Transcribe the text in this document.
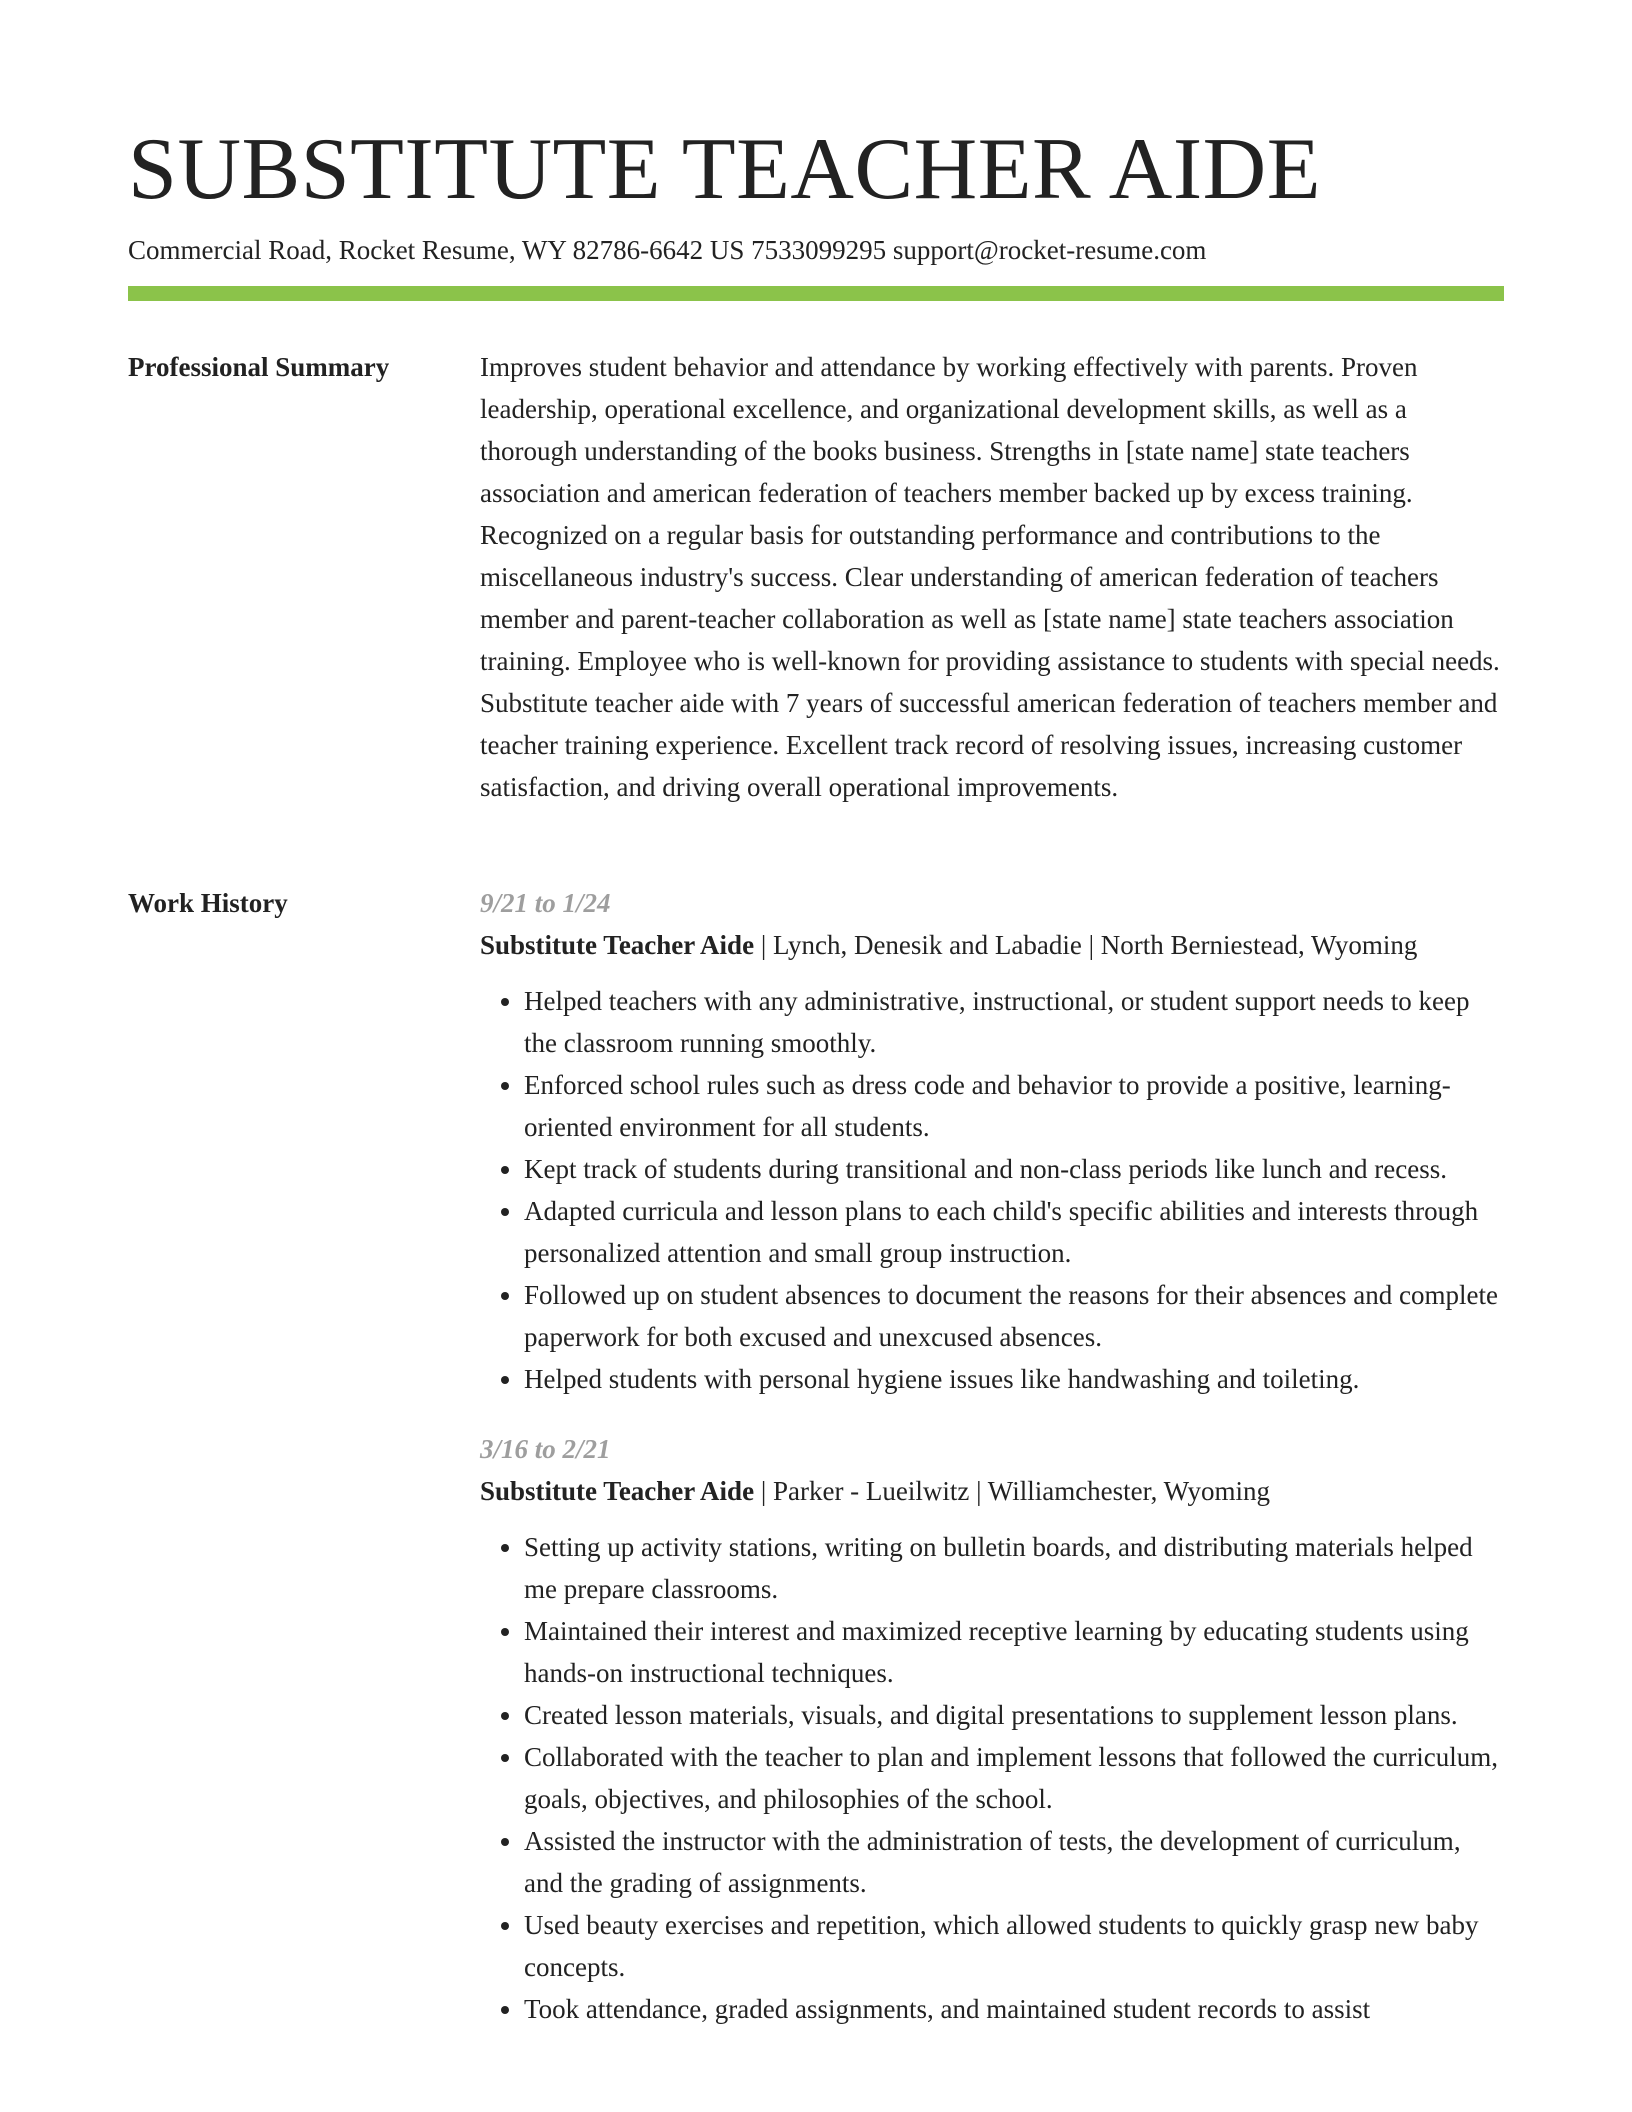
SUBSTITUTE TEACHER AIDE
Commercial Road, Rocket Resume, WY 82786-6642 US 7533099295 support@rocket-resume.com
Professional Summary	Improves student behavior and attendance by working effectively with parents. Proven leadership, operational excellence, and organizational development skills, as well as a thorough understanding of the books business. Strengths in [state name] state teachers association and american federation of teachers member backed up by excess training. Recognized on a regular basis for outstanding performance and contributions to the miscellaneous industry's success. Clear understanding of american federation of teachers member and parent-teacher collaboration as well as [state name] state teachers association training. Employee who is well-known for providing assistance to students with special needs. Substitute teacher aide with 7 years of successful american federation of teachers member and teacher training experience. Excellent track record of resolving issues, increasing customer satisfaction, and driving overall operational improvements.

Work History	9/21 to 1/24
Substitute Teacher Aide | Lynch, Denesik and Labadie | North Berniestead, Wyoming
• Helped teachers with any administrative, instructional, or student support needs to keep the classroom running smoothly.
• Enforced school rules such as dress code and behavior to provide a positive, learning-oriented environment for all students.
• Kept track of students during transitional and non-class periods like lunch and recess.
• Adapted curricula and lesson plans to each child's specific abilities and interests through personalized attention and small group instruction.
• Followed up on student absences to document the reasons for their absences and complete paperwork for both excused and unexcused absences.
• Helped students with personal hygiene issues like handwashing and toileting.
3/16 to 2/21
Substitute Teacher Aide | Parker - Lueilwitz | Williamchester, Wyoming
• Setting up activity stations, writing on bulletin boards, and distributing materials helped me prepare classrooms.
• Maintained their interest and maximized receptive learning by educating students using hands-on instructional techniques.
• Created lesson materials, visuals, and digital presentations to supplement lesson plans.
• Collaborated with the teacher to plan and implement lessons that followed the curriculum, goals, objectives, and philosophies of the school.
• Assisted the instructor with the administration of tests, the development of curriculum, and the grading of assignments.
• Used beauty exercises and repetition, which allowed students to quickly grasp new baby concepts.
• Took attendance, graded assignments, and maintained student records to assist
